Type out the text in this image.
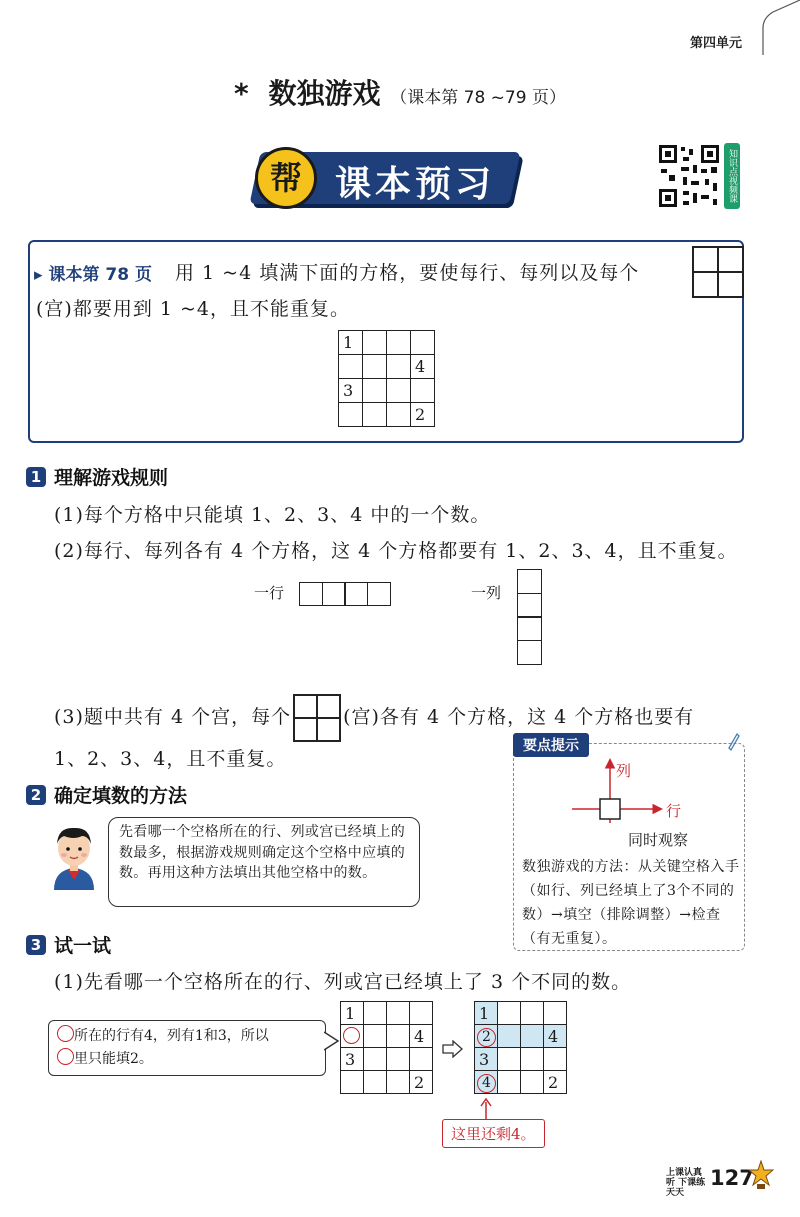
第四单元
* 数独游戏 （课本第 78 ~79 页）
课本预习
帮	知识点视频课
▸ 课本第 78 页 用 1 ~4 填满下面的方格，要使每行、每列以及每个
(宫)都要用到 1 ~4，且不能重复。
1			
			4
3			
			2
1 理解游戏规则
(1)每个方格中只能填 1、2、3、4 中的一个数。
(2)每行、每列各有 4 个方格，这 4 个方格都要有 1、2、3、4，且不重复。
一行	一列
(3)题中共有 4 个宫，每个	(宫)各有 4 个方格，这 4 个方格也要有
1、2、3、4，且不重复。
要点提示
列
行
同时观察
数独游戏的方法：从关键空格入手（如行、列已经填上了3个不同的数）→填空（排除调整）→检查（有无重复）。
2 确定填数的方法
先看哪一个空格所在的行、列或宫已经填上的数最多，根据游戏规则确定这个空格中应填的数。再用这种方法填出其他空格中的数。
3 试一试
(1)先看哪一个空格所在的行、列或宫已经填上了 3 个不同的数。
所在的行有4，列有1和3，所以
里只能填2。
1			
			4
3			
			2
1			
2			4
3			
4			2
这里还剩4。
上课认真听 下课练天天
127
